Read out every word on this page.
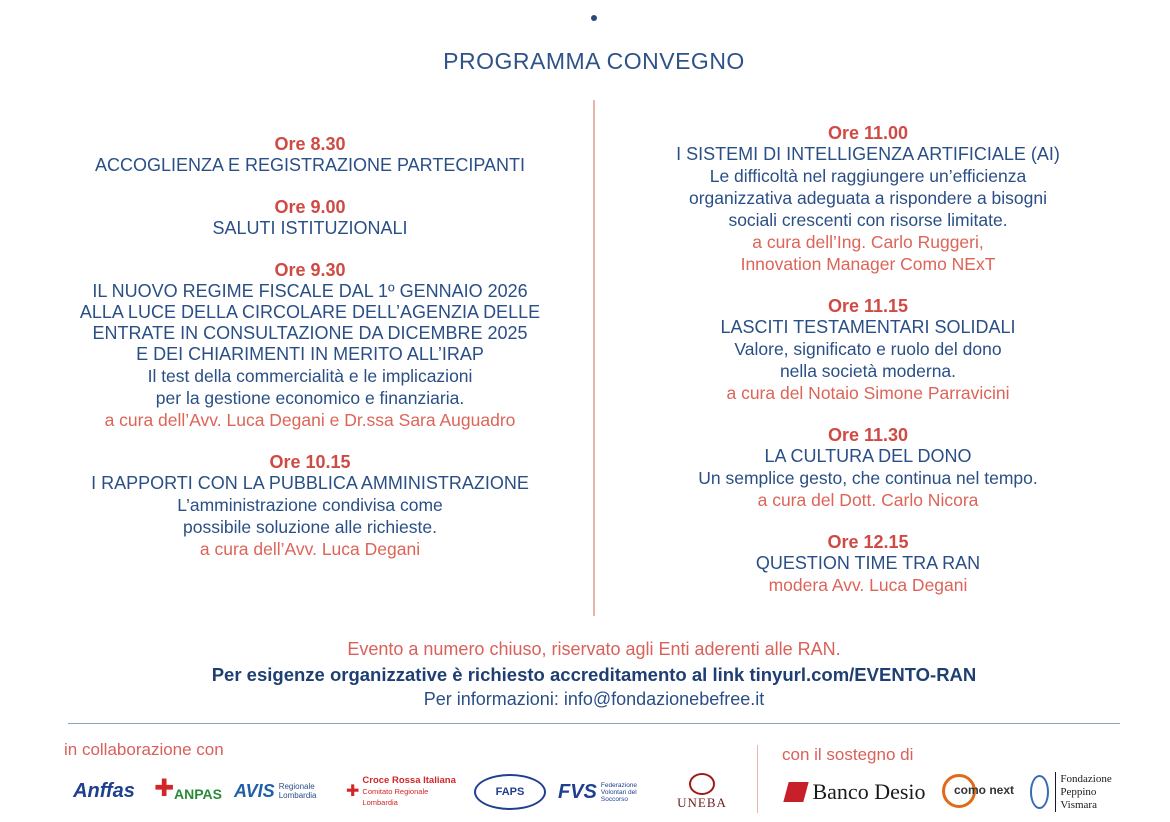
PROGRAMMA CONVEGNO
Ore 8.30
ACCOGLIENZA E REGISTRAZIONE PARTECIPANTI
Ore 9.00
SALUTI ISTITUZIONALI
Ore 9.30
IL NUOVO REGIME FISCALE DAL 1º GENNAIO 2026
ALLA LUCE DELLA CIRCOLARE DELL’AGENZIA DELLE
ENTRATE IN CONSULTAZIONE DA DICEMBRE 2025
E DEI CHIARIMENTI IN MERITO ALL’IRAP
Il test della commercialità e le implicazioni
per la gestione economico e finanziaria.
a cura dell’Avv. Luca Degani e Dr.ssa Sara Auguadro
Ore 10.15
I RAPPORTI CON LA PUBBLICA AMMINISTRAZIONE
L’amministrazione condivisa come
possibile soluzione alle richieste.
a cura dell’Avv. Luca Degani
Ore 11.00
I SISTEMI DI INTELLIGENZA ARTIFICIALE (AI)
Le difficoltà nel raggiungere un’efficienza
organizzativa adeguata a rispondere a bisogni
sociali crescenti con risorse limitate.
a cura dell’Ing. Carlo Ruggeri,
Innovation Manager Como NExT
Ore 11.15
LASCITI TESTAMENTARI SOLIDALI
Valore, significato e ruolo del dono
nella società moderna.
a cura del Notaio Simone Parravicini
Ore 11.30
LA CULTURA DEL DONO
Un semplice gesto, che continua nel tempo.
a cura del Dott. Carlo Nicora
Ore 12.15
QUESTION TIME TRA RAN
modera Avv. Luca Degani
Evento a numero chiuso, riservato agli Enti aderenti alle RAN.
Per esigenze organizzative è richiesto accreditamento al link tinyurl.com/EVENTO-RAN
Per informazioni: info@fondazionebefree.it
in collaborazione con	con il sostegno di
Anffas ✚ ANPAS AVIS Regionale Lombardia	✚
Croce Rossa Italiana
Comitato Regionale Lombardia
FAPS FVS Federazione Volontari del Soccorso	UNEBA	Banco Desio como next
Fondazione Peppino Vismara
